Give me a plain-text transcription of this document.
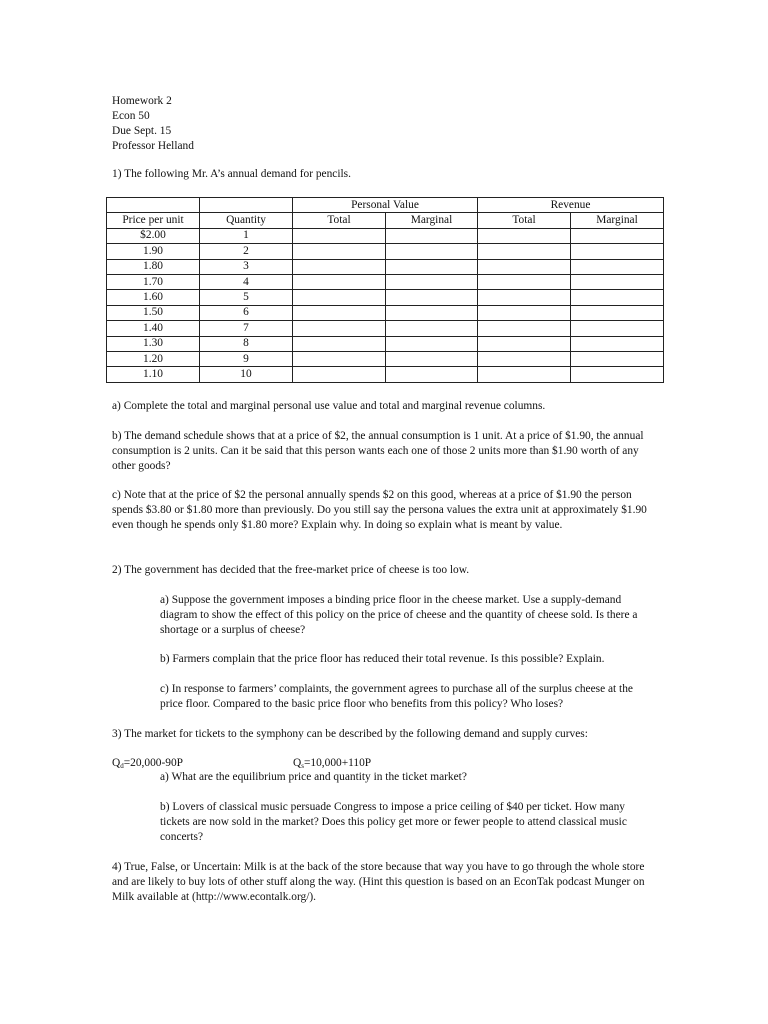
Homework 2
Econ 50
Due Sept. 15
Professor Helland
1) The following Mr. A’s annual demand for pencils.
		Personal Value		Revenue	
Price per unit	Quantity	Total	Marginal	Total	Marginal
$2.00	1				
1.90	2				
1.80	3				
1.70	4				
1.60	5				
1.50	6				
1.40	7				
1.30	8				
1.20	9				
1.10	10				
a) Complete the total and marginal personal use value and total and marginal revenue columns.
b) The demand schedule shows that at a price of $2, the annual consumption is 1 unit. At a price of $1.90, the annual consumption is 2 units. Can it be said that this person wants each one of those 2 units more than $1.90 worth of any other goods?
c) Note that at the price of $2 the personal annually spends $2 on this good, whereas at a price of $1.90 the person spends $3.80 or $1.80 more than previously. Do you still say the persona values the extra unit at approximately $1.90 even though he spends only $1.80 more? Explain why. In doing so explain what is meant by value.
2) The government has decided that the free-market price of cheese is too low.
a) Suppose the government imposes a binding price floor in the cheese market. Use a supply-demand diagram to show the effect of this policy on the price of cheese and the quantity of cheese sold. Is there a shortage or a surplus of cheese?
b) Farmers complain that the price floor has reduced their total revenue. Is this possible? Explain.
c) In response to farmers’ complaints, the government agrees to purchase all of the surplus cheese at the price floor. Compared to the basic price floor who benefits from this policy? Who loses?
3) The market for tickets to the symphony can be described by the following demand and supply curves:
$Q_d=20,000-90P$	$Q_s=10,000+110P$
a) What are the equilibrium price and quantity in the ticket market?
b) Lovers of classical music persuade Congress to impose a price ceiling of $40 per ticket. How many tickets are now sold in the market? Does this policy get more or fewer people to attend classical music concerts?
4) True, False, or Uncertain: Milk is at the back of the store because that way you have to go through the whole store and are likely to buy lots of other stuff along the way. (Hint this question is based on an EconTak podcast Munger on Milk available at (http://www.econtalk.org/).
